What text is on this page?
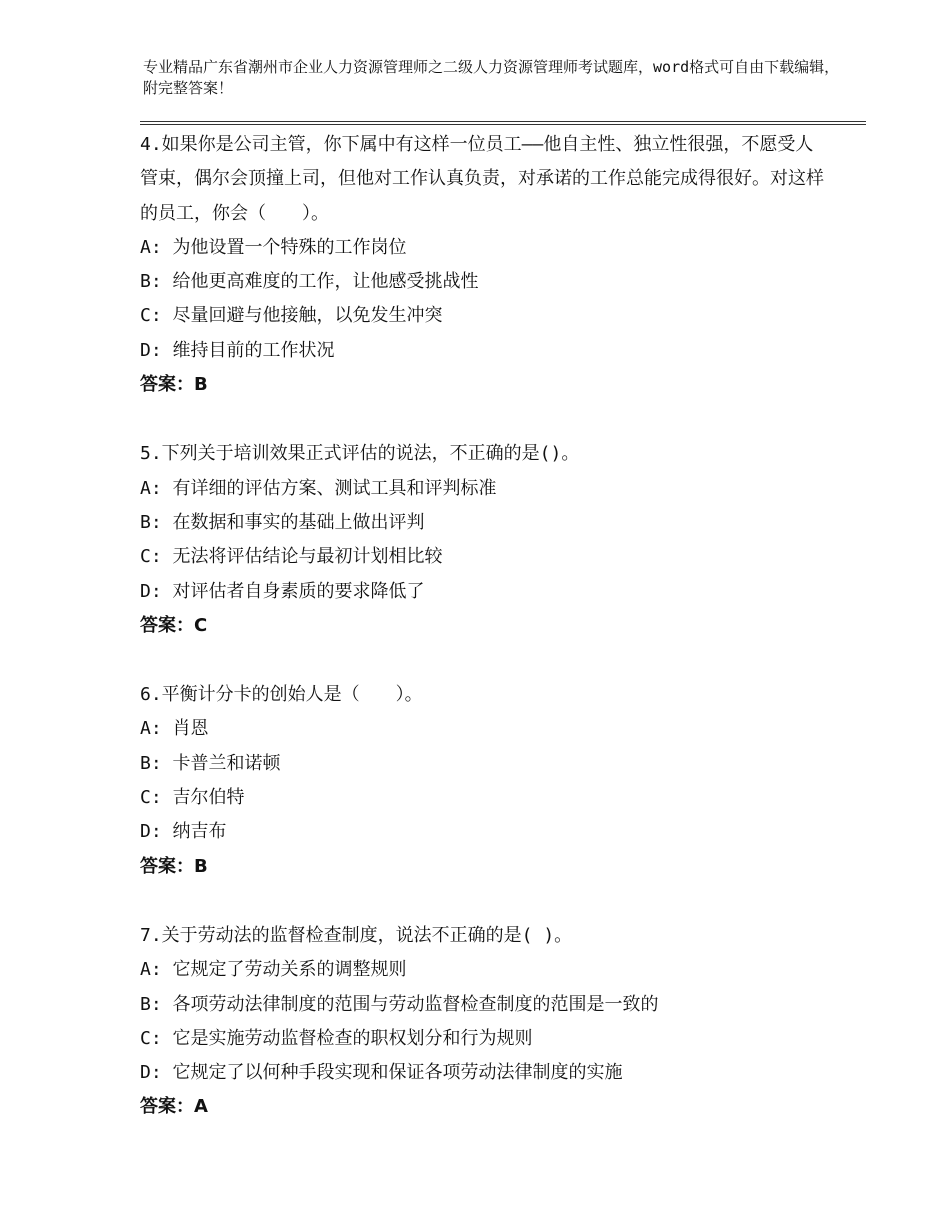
专业精品广东省潮州市企业人力资源管理师之二级人力资源管理师考试题库，word格式可自由下载编辑，附完整答案！

4.如果你是公司主管，你下属中有这样一位员工——他自主性、独立性很强，不愿受人管束，偶尔会顶撞上司，但他对工作认真负责，对承诺的工作总能完成得很好。对这样的员工，你会（　　）。

A: 为他设置一个特殊的工作岗位

B: 给他更高难度的工作，让他感受挑战性

C: 尽量回避与他接触，以免发生冲突

D: 维持目前的工作状况

答案：B

5.下列关于培训效果正式评估的说法，不正确的是()。

A: 有详细的评估方案、测试工具和评判标准

B: 在数据和事实的基础上做出评判

C: 无法将评估结论与最初计划相比较

D: 对评估者自身素质的要求降低了

答案：C

6.平衡计分卡的创始人是（　　）。

A: 肖恩

B: 卡普兰和诺顿

C: 吉尔伯特

D: 纳吉布

答案：B

7.关于劳动法的监督检查制度，说法不正确的是( )。

A: 它规定了劳动关系的调整规则

B: 各项劳动法律制度的范围与劳动监督检查制度的范围是一致的

C: 它是实施劳动监督检查的职权划分和行为规则

D: 它规定了以何种手段实现和保证各项劳动法律制度的实施

答案：A
